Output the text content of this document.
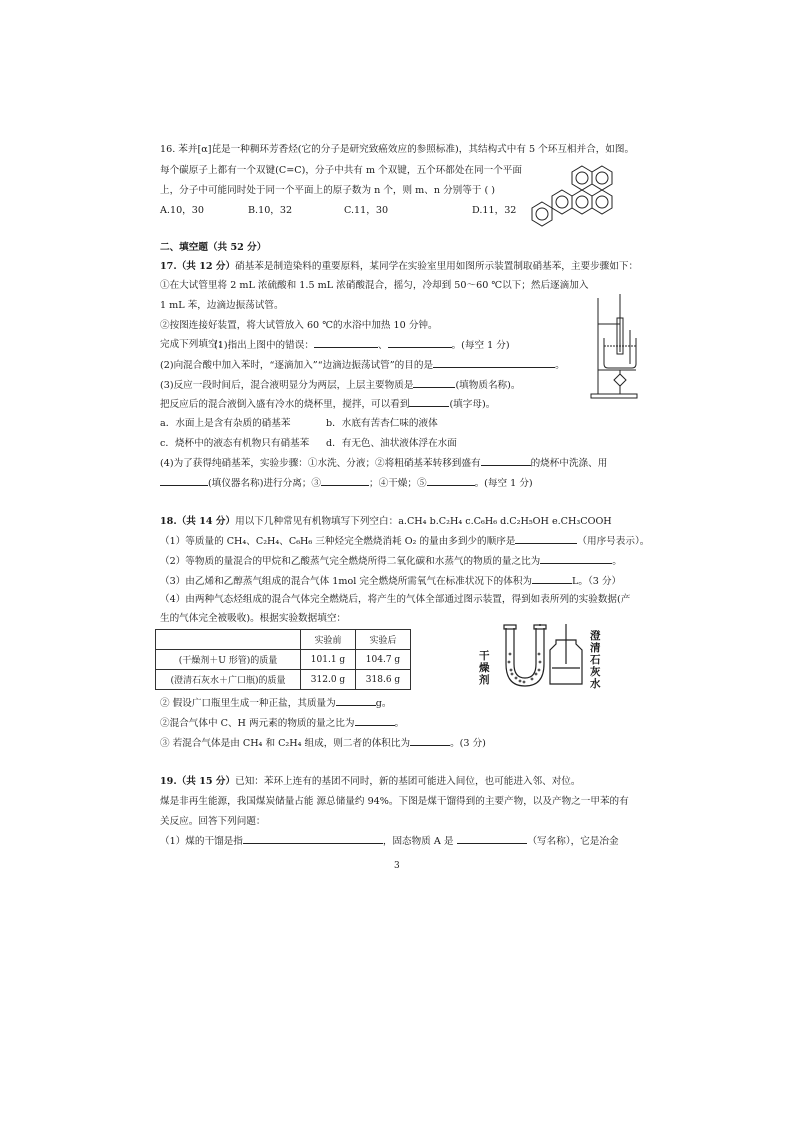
16. 苯并[α]芘是一种稠环芳香烃(它的分子是研究致癌效应的参照标准)，其结构式中有 5 个环互相并合，如图。
每个碳原子上都有一个双键(C=C)，分子中共有 m 个双键，五个环都处在同一个平面
上，分子中可能同时处于同一个平面上的原子数为 n 个，则 m、n 分别等于 ( )
A.10，30	B.10，32	C.11，30	D.11，32
二、填空题（共 52 分）
17.（共 12 分）硝基苯是制造染料的重要原料，某同学在实验室里用如图所示装置制取硝基苯，主要步骤如下：
①在大试管里将 2 mL 浓硫酸和 1.5 mL 浓硝酸混合，摇匀，冷却到 50～60 ℃以下；然后逐滴加入
1 mL 苯，边滴边振荡试管。
②按图连接好装置，将大试管放入 60 ℃的水浴中加热 10 分钟。
完成下列填空：
(1)指出上图中的错误：	、	。(每空 1 分)
(2)向混合酸中加入苯时，“逐滴加入”“边滴边振荡试管”的目的是	。
(3)反应一段时间后，混合液明显分为两层，上层主要物质是	(填物质名称)。
把反应后的混合液倒入盛有冷水的烧杯里，搅拌，可以看到	(填字母)。
a．水面上是含有杂质的硝基苯	b．水底有苦杏仁味的液体
c．烧杯中的液态有机物只有硝基苯 d．有无色、油状液体浮在水面
(4)为了获得纯硝基苯，实验步骤：①水洗、分液；②将粗硝基苯转移到盛有	的烧杯中洗涤、用
(填仪器名称)进行分离；③	；④干燥；⑤	。(每空 1 分)
18.（共 14 分）用以下几种常见有机物填写下列空白：a.CH₄ b.C₂H₄ c.C₆H₆ d.C₂H₅OH e.CH₃COOH
（1）等质量的 CH₄、C₂H₄、C₆H₆ 三种烃完全燃烧消耗 O₂ 的量由多到少的顺序是	（用序号表示）。
（2）等物质的量混合的甲烷和乙酸蒸气完全燃烧所得二氧化碳和水蒸气的物质的量之比为	。
（3）由乙烯和乙醇蒸气组成的混合气体 1mol 完全燃烧所需氧气在标准状况下的体积为	L。（3 分）
（4）由两种气态烃组成的混合气体完全燃烧后，将产生的气体全部通过图示装置，得到如表所列的实验数据(产
生的气体完全被吸收)。根据实验数据填空：
	实验前	实验后
(干燥剂＋U 形管)的质量	101.1 g	104.7 g
(澄清石灰水＋广口瓶)的质量	312.0 g	318.6 g
干
燥
剂
澄
清
石
灰
水
② 假设广口瓶里生成一种正盐，其质量为	g。
②混合气体中 C、H 两元素的物质的量之比为	。
③ 若混合气体是由 CH₄ 和 C₂H₄ 组成，则二者的体积比为	。(3 分)
19.（共 15 分）已知：苯环上连有的基团不同时，新的基团可能进入间位，也可能进入邻、对位。
煤是非再生能源，我国煤炭储量占能 源总储量约 94%。下图是煤干馏得到的主要产物，以及产物之一甲苯的有
关反应。回答下列问题：
（1）煤的干馏是指	，固态物质 A 是	（写名称），它是冶金
3
